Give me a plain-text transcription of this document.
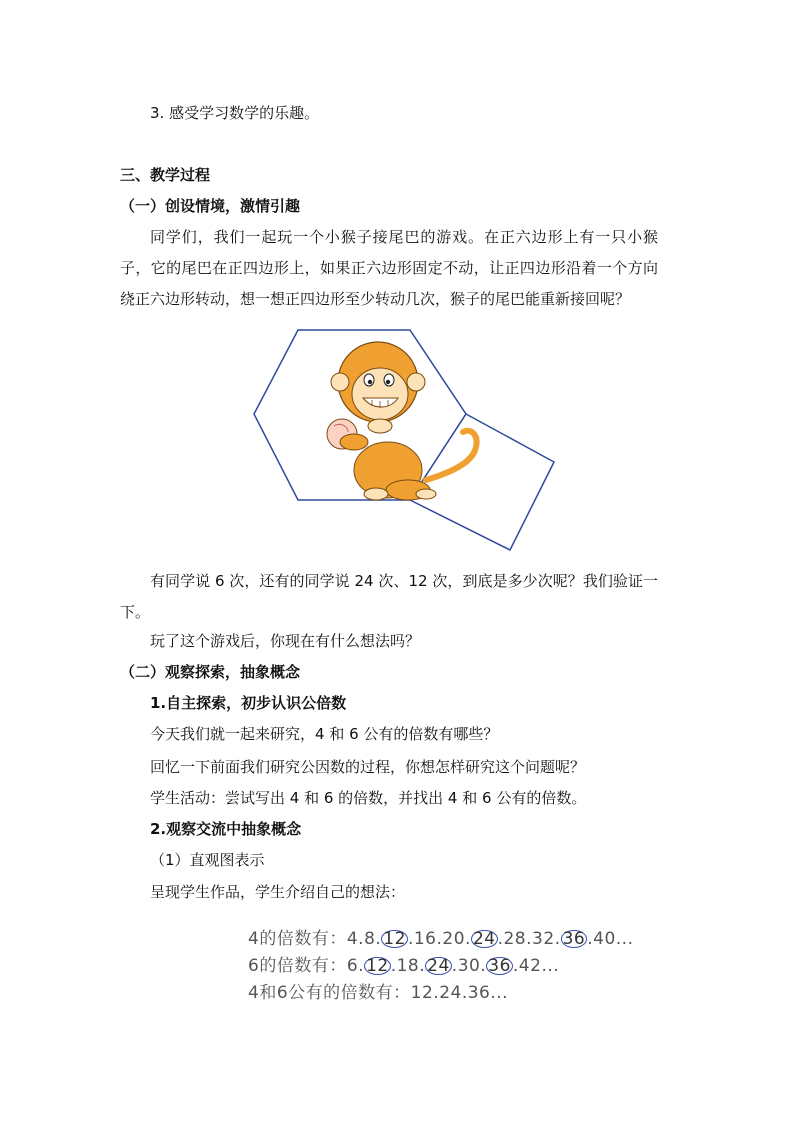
3. 感受学习数学的乐趣。
三、教学过程
（一）创设情境，激情引趣
同学们，我们一起玩一个小猴子接尾巴的游戏。在正六边形上有一只小猴子，它的尾巴在正四边形上，如果正六边形固定不动，让正四边形沿着一个方向绕正六边形转动，想一想正四边形至少转动几次，猴子的尾巴能重新接回呢？
有同学说 6 次，还有的同学说 24 次、12 次，到底是多少次呢？我们验证一下。
玩了这个游戏后，你现在有什么想法吗？
（二）观察探索，抽象概念
1.自主探索，初步认识公倍数
今天我们就一起来研究，4 和 6 公有的倍数有哪些？
回忆一下前面我们研究公因数的过程，你想怎样研究这个问题呢？
学生活动：尝试写出 4 和 6 的倍数，并找出 4 和 6 公有的倍数。
2.观察交流中抽象概念
（1）直观图表示
呈现学生作品，学生介绍自己的想法：
4的倍数有：4.8. 12 .16.20. 24 .28.32. 36 .40...
6的倍数有：6. 12 .18. 24 .30. 36 .42...
4和6公有的倍数有：12.24.36...
